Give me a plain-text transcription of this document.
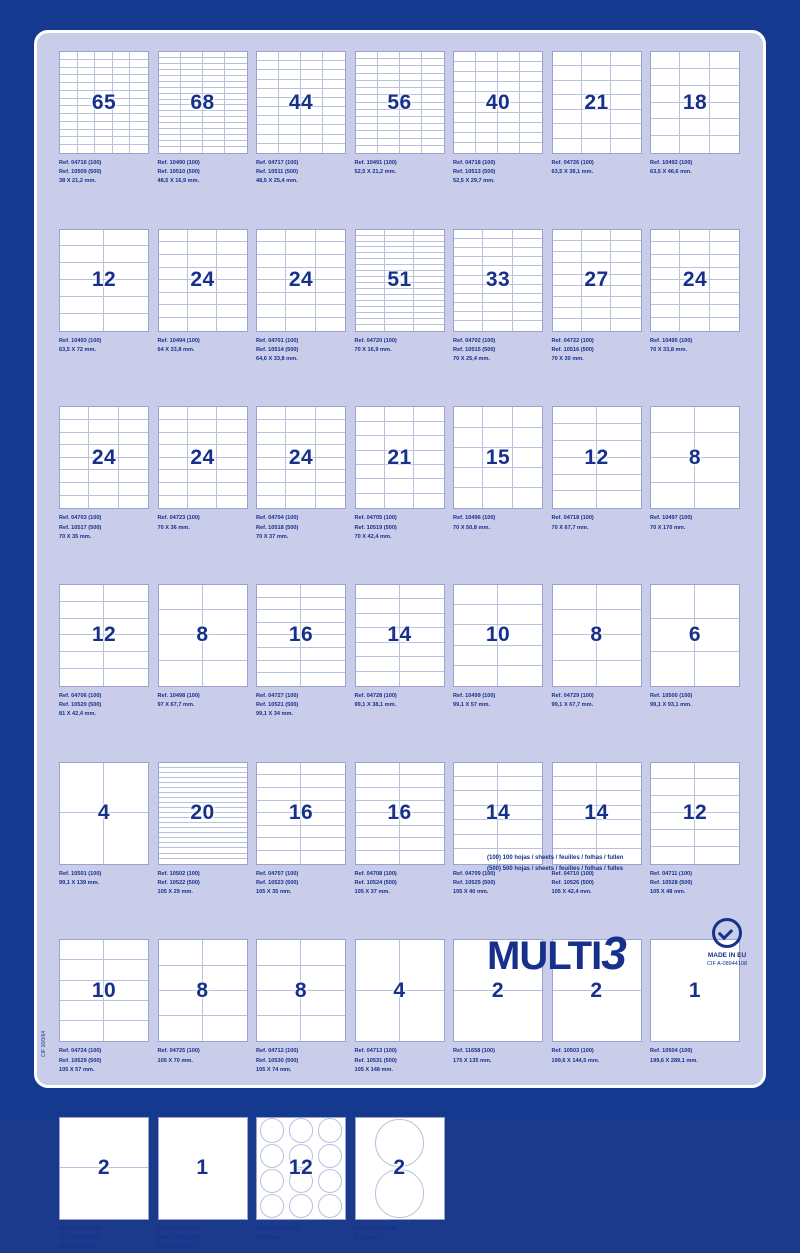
65
Ref. 04716 (100)
Ref. 10509 (500)
38 X 21,2 mm.
68
Ref. 10490 (100)
Ref. 10510 (500)
48,5 X 16,9 mm.
44
Ref. 04717 (100)
Ref. 10511 (500)
48,5 X 25,4 mm.
56
Ref. 10491 (100)
52,5 X 21,2 mm.
40
Ref. 04718 (100)
Ref. 10513 (500)
52,5 X 29,7 mm.
21
Ref. 04726 (100)
63,5 X 38,1 mm.
18
Ref. 10492 (100)
63,5 X 46,6 mm.
12
Ref. 10493 (100)
63,5 X 72 mm.
24
Ref. 10494 (100)
64 X 33,8 mm.
24
Ref. 04701 (100)
Ref. 10514 (500)
64,6 X 33,8 mm.
51
Ref. 04720 (100)
70 X 16,9 mm.
33
Ref. 04702 (100)
Ref. 10515 (500)
70 X 25,4 mm.
27
Ref. 04722 (100)
Ref. 10516 (500)
70 X 30 mm.
24
Ref. 10495 (100)
70 X 33,8 mm.
24
Ref. 04703 (100)
Ref. 10517 (500)
70 X 35 mm.
24
Ref. 04723 (100)
70 X 36 mm.
24
Ref. 04704 (100)
Ref. 10518 (500)
70 X 37 mm.
21
Ref. 04705 (100)
Ref. 10519 (500)
70 X 42,4 mm.
15
Ref. 10496 (100)
70 X 50,8 mm.
12
Ref. 04718 (100)
70 X 67,7 mm.
8
Ref. 10497 (100)
70 X 170 mm.
12
Ref. 04706 (100)
Ref. 10520 (500)
81 X 42,4 mm.
8
Ref. 10498 (100)
97 X 67,7 mm.
16
Ref. 04727 (100)
Ref. 10521 (500)
99,1 X 34 mm.
14
Ref. 04728 (100)
99,1 X 38,1 mm.
10
Ref. 10499 (100)
99,1 X 57 mm.
8
Ref. 04729 (100)
99,1 X 67,7 mm.
6
Ref. 10500 (100)
99,1 X 93,1 mm.
4
Ref. 10501 (100)
99,1 X 139 mm.
20
Ref. 10502 (100)
Ref. 10522 (500)
105 X 29 mm.
16
Ref. 04707 (100)
Ref. 10523 (500)
105 X 35 mm.
16
Ref. 04708 (100)
Ref. 10524 (500)
105 X 37 mm.
14
Ref. 04709 (100)
Ref. 10525 (500)
105 X 40 mm.
14
Ref. 04710 (100)
Ref. 10526 (500)
105 X 42,4 mm.
12
Ref. 04711 (100)
Ref. 10528 (500)
105 X 48 mm.
10
Ref. 04724 (100)
Ref. 10529 (500)
105 X 57 mm.
8
Ref. 04725 (100)
105 X 70 mm.
8
Ref. 04712 (100)
Ref. 10530 (500)
105 X 74 mm.
4
Ref. 04713 (100)
Ref. 10531 (500)
105 X 148 mm.
2
Ref. 11658 (100)
175 X 135 mm.
2
Ref. 10503 (100)
199,6 X 144,5 mm.
1
Ref. 10504 (100)
199,6 X 289,1 mm.
2
Ref. 04715 (100)
Ref. 10532 (500)
210 X 148 mm.
1
Ref. 04714 (100)
Ref. 10533 (500)
210 X 297 mm.
12
Ref. 10499 (100)
Ø 60 mm.
2
Ref. 10216 (100)
Ø 113 mm.
(100) 100 hojas / sheets / feuilles / folhas / fullen
(500) 500 hojas / sheets / feuilles / folhas / fulles
MULTI3	MADE IN EU
CIF A-08944108
CIF 16/0/64
